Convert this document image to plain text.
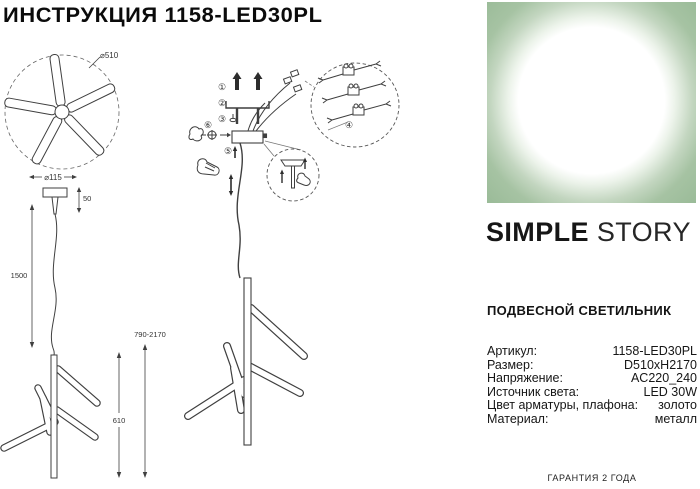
ИНСТРУКЦИЯ 1158-LED30PL
⌀510
⌀115
50
1500
610
790-2170
①
②
③
⑥
⑤
④
SIMPLE STORY
ПОДВЕСНОЙ СВЕТИЛЬНИК
Артикул:	1158-LED30PL
Размер:	D510xH2170
Напряжение:	AC220_240
Источник света:	LED 30W
Цвет арматуры, плафона: золото
Материал:	металл
ГАРАНТИЯ 2 ГОДА
